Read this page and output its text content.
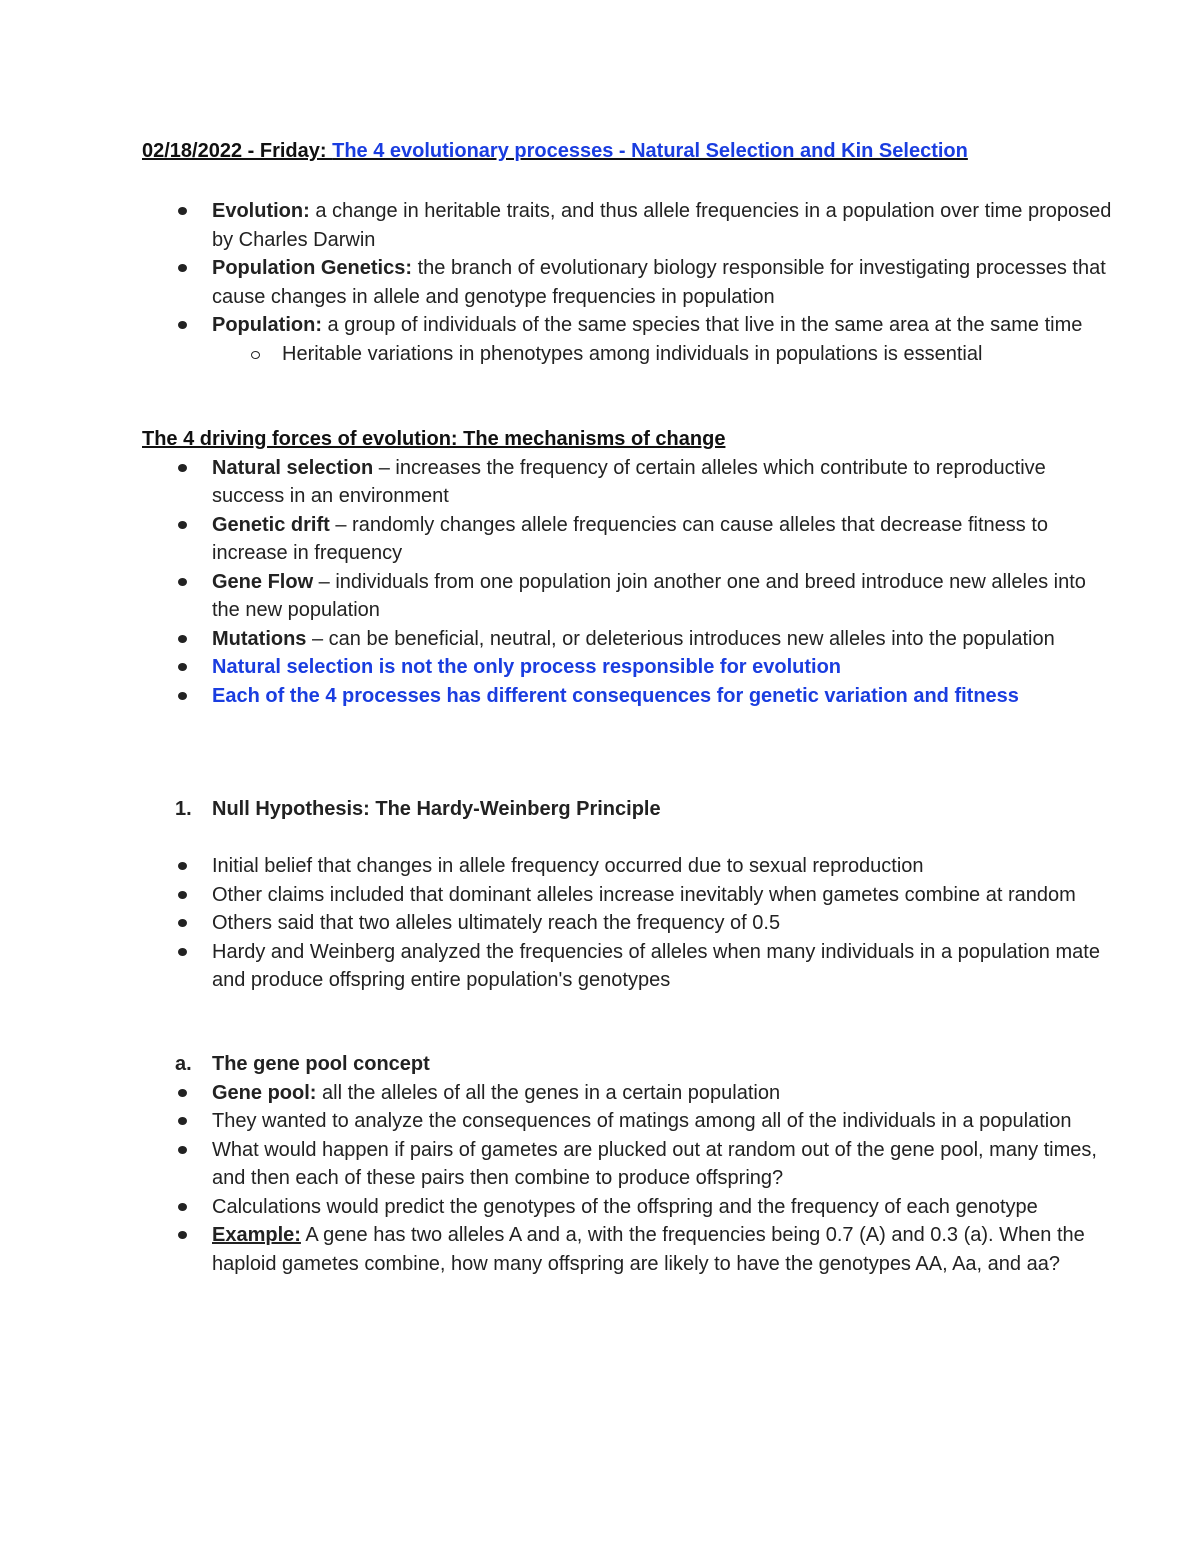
02/18/2022 - Friday: The 4 evolutionary processes - Natural Selection and Kin Selection
Evolution: a change in heritable traits, and thus allele frequencies in a population over time proposed by Charles Darwin
Population Genetics: the branch of evolutionary biology responsible for investigating processes that cause changes in allele and genotype frequencies in population
Population: a group of individuals of the same species that live in the same area at the same time
Heritable variations in phenotypes among individuals in populations is essential
The 4 driving forces of evolution: The mechanisms of change
Natural selection – increases the frequency of certain alleles which contribute to reproductive success in an environment
Genetic drift – randomly changes allele frequencies can cause alleles that decrease fitness to increase in frequency
Gene Flow – individuals from one population join another one and breed introduce new alleles into the new population
Mutations – can be beneficial, neutral, or deleterious introduces new alleles into the population
Natural selection is not the only process responsible for evolution
Each of the 4 processes has different consequences for genetic variation and fitness
1. Null Hypothesis: The Hardy-Weinberg Principle
Initial belief that changes in allele frequency occurred due to sexual reproduction
Other claims included that dominant alleles increase inevitably when gametes combine at random
Others said that two alleles ultimately reach the frequency of 0.5
Hardy and Weinberg analyzed the frequencies of alleles when many individuals in a population mate and produce offspring entire population's genotypes
a. The gene pool concept
Gene pool: all the alleles of all the genes in a certain population
They wanted to analyze the consequences of matings among all of the individuals in a population
What would happen if pairs of gametes are plucked out at random out of the gene pool, many times, and then each of these pairs then combine to produce offspring?
Calculations would predict the genotypes of the offspring and the frequency of each genotype
Example: A gene has two alleles A and a, with the frequencies being 0.7 (A) and 0.3 (a). When the haploid gametes combine, how many offspring are likely to have the genotypes AA, Aa, and aa?
